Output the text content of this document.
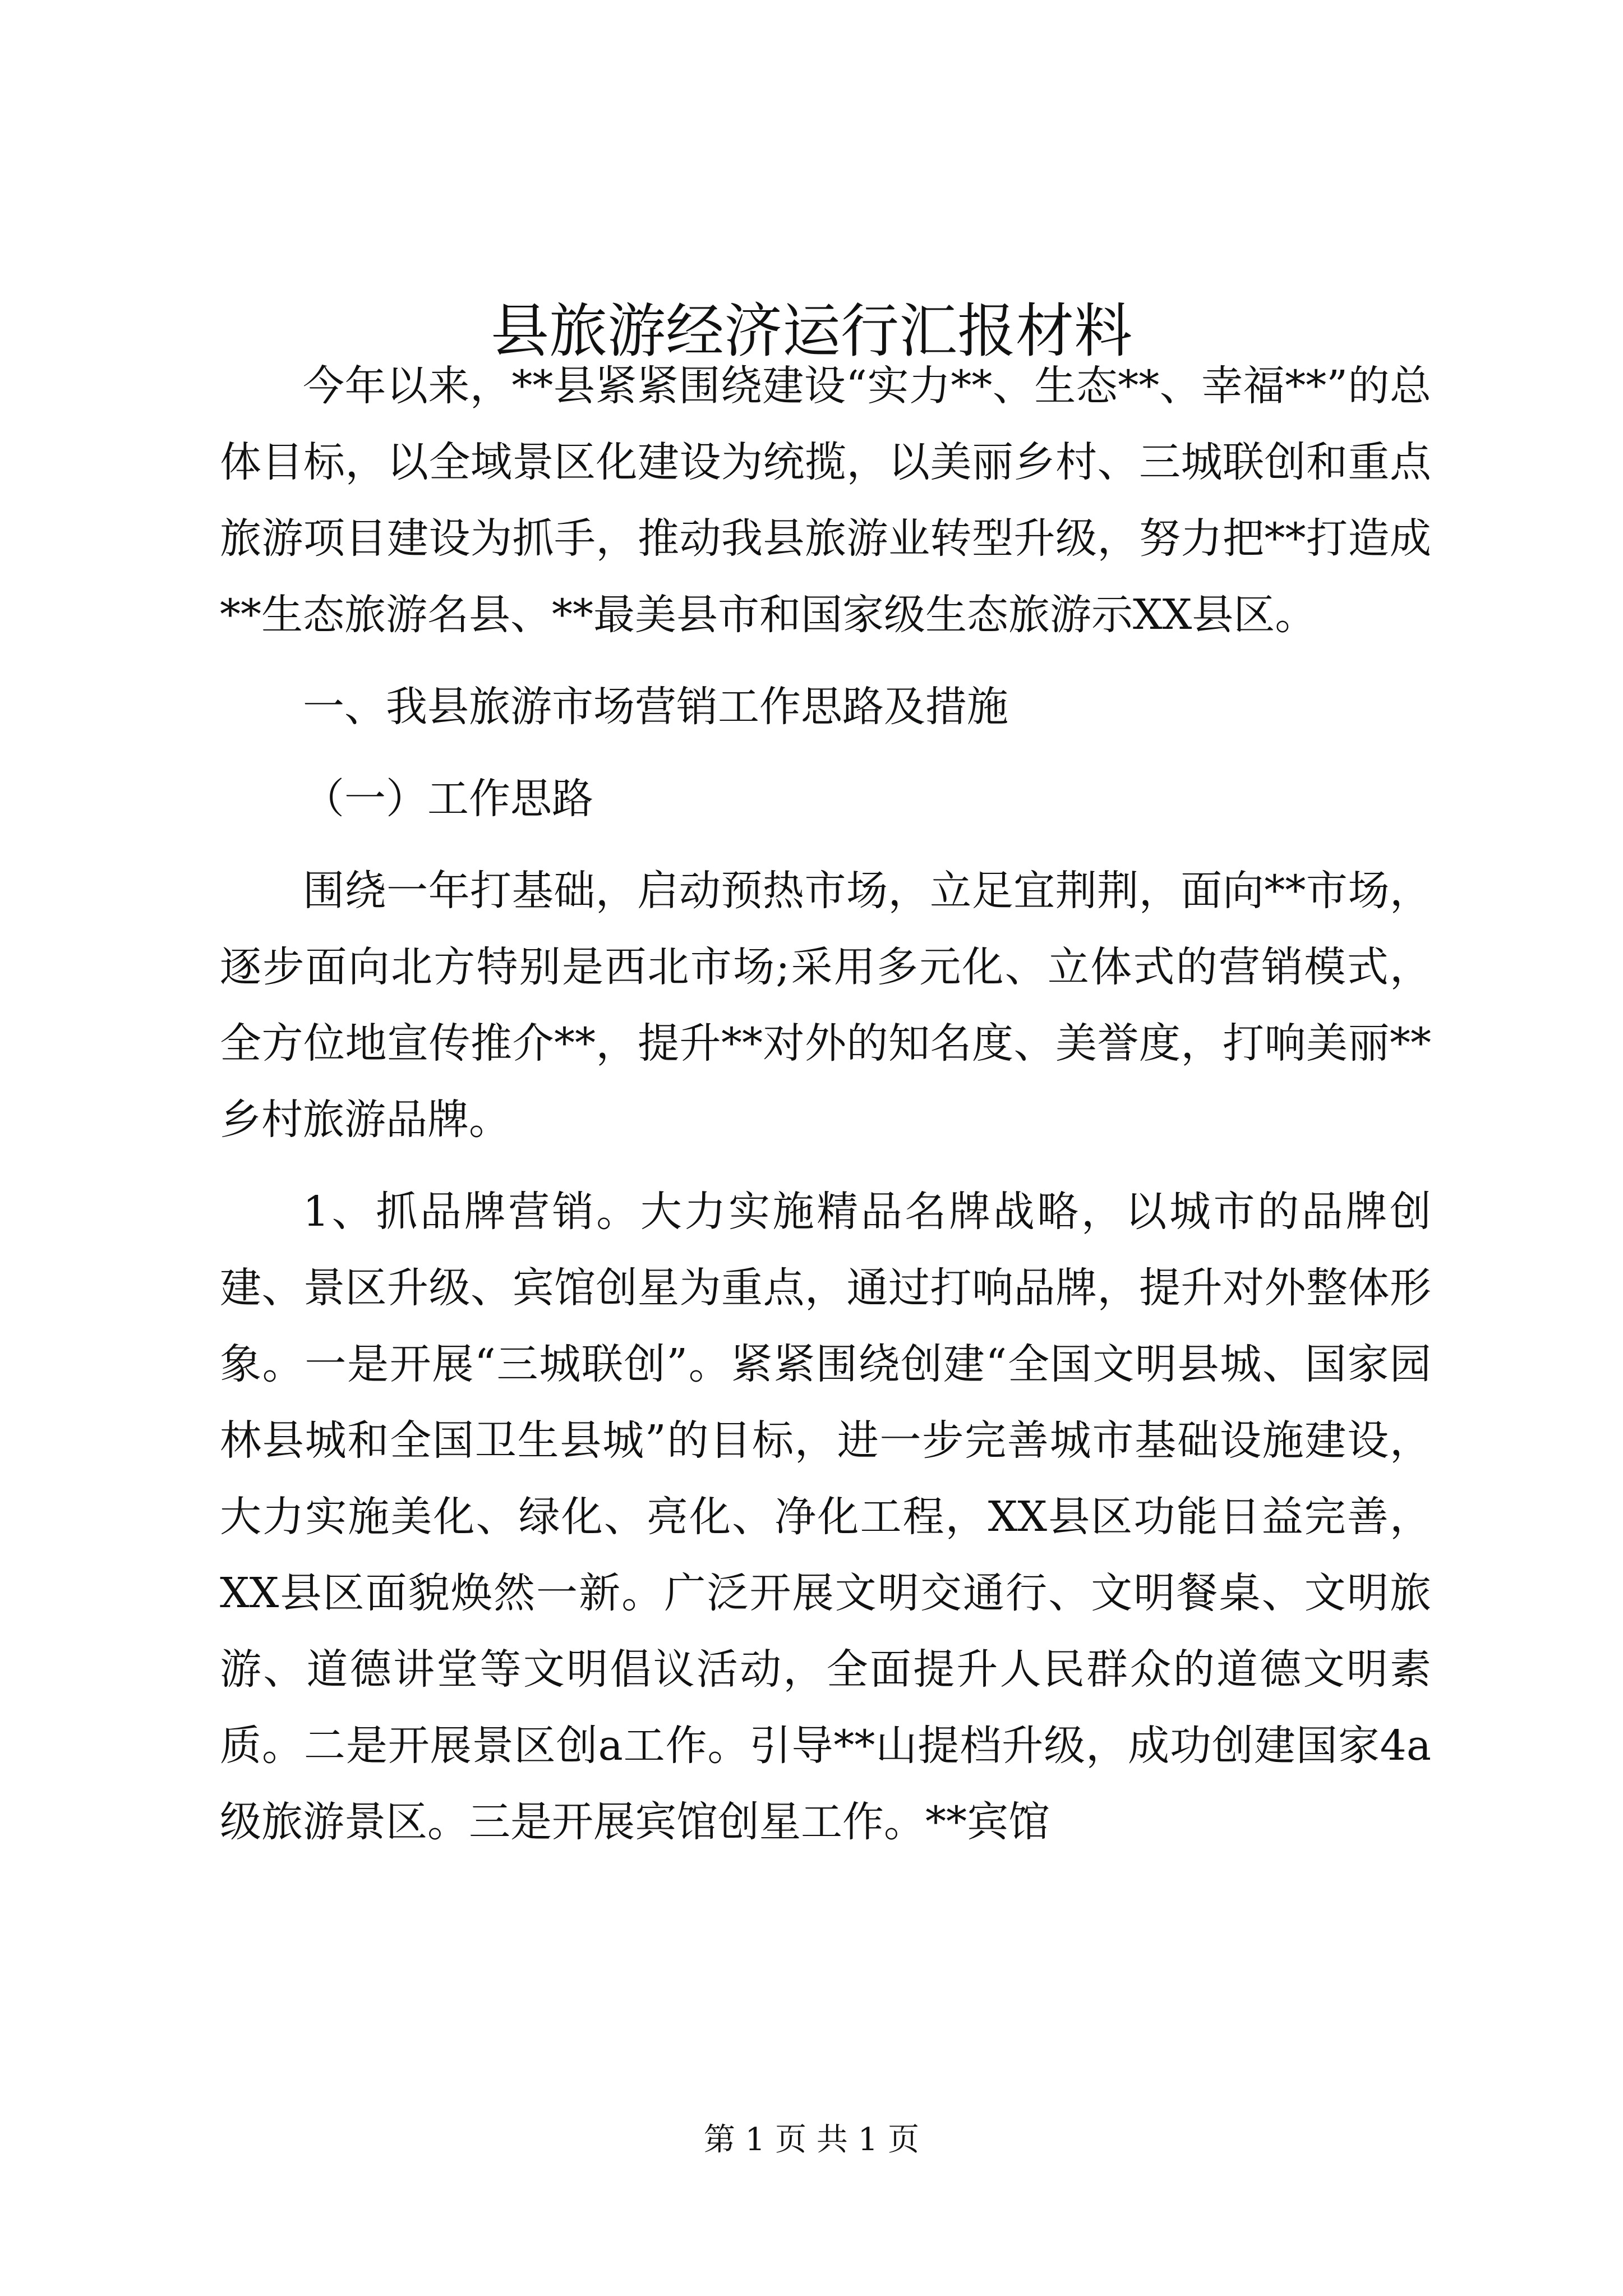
县旅游经济运行汇报材料

今年以来，**县紧紧围绕建设“实力**、生态**、幸福**”的总体目标，以全域景区化建设为统揽，以美丽乡村、三城联创和重点旅游项目建设为抓手，推动我县旅游业转型升级，努力把**打造成**生态旅游名县、**最美县市和国家级生态旅游示XX县区。

一、我县旅游市场营销工作思路及措施

（一）工作思路

围绕一年打基础，启动预热市场，立足宜荆荆，面向**市场，逐步面向北方特别是西北市场;采用多元化、立体式的营销模式，全方位地宣传推介**，提升**对外的知名度、美誉度，打响美丽**乡村旅游品牌。

1、抓品牌营销。大力实施精品名牌战略，以城市的品牌创建、景区升级、宾馆创星为重点，通过打响品牌，提升对外整体形象。一是开展“三城联创”。紧紧围绕创建“全国文明县城、国家园林县城和全国卫生县城”的目标，进一步完善城市基础设施建设，大力实施美化、绿化、亮化、净化工程，XX县区功能日益完善，XX县区面貌焕然一新。广泛开展文明交通行、文明餐桌、文明旅游、道德讲堂等文明倡议活动，全面提升人民群众的道德文明素质。二是开展景区创a工作。引导**山提档升级，成功创建国家4a级旅游景区。三是开展宾馆创星工作。**宾馆

第 1 页 共 1 页
